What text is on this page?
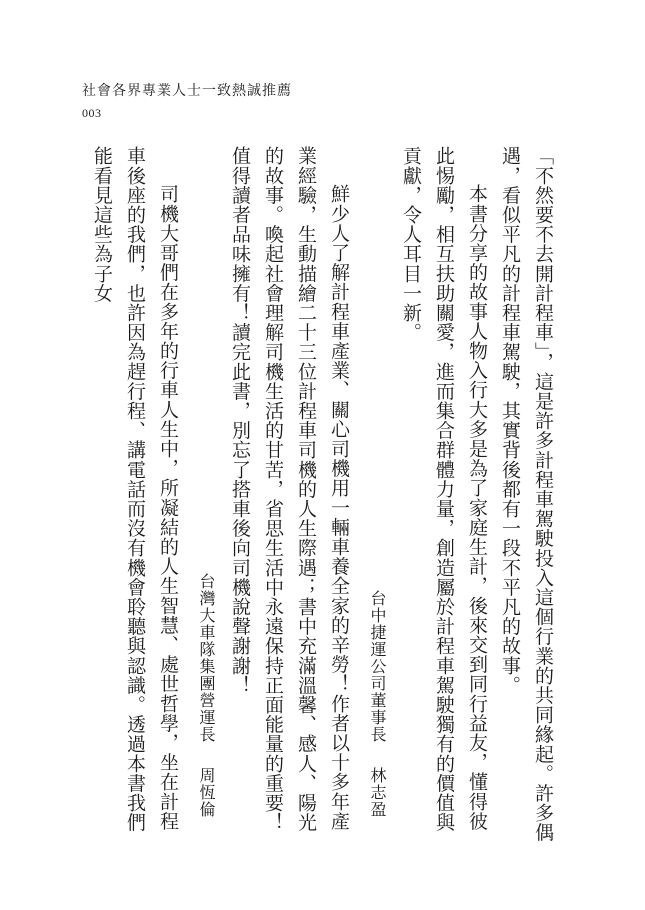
社會各界專業人士一致熱誠推薦
003

「不然要不去開計程車」，這是許多計程車駕駛投入這個行業的共同緣起。許多偶遇，看似平凡的計程車駕駛，其實背後都有一段不平凡的故事。

本書分享的故事人物入行大多是為了家庭生計，後來交到同行益友，懂得彼此惕勵，相互扶助關愛，進而集合群體力量，創造屬於計程車駕駛獨有的價值與貢獻，令人耳目一新。

台中捷運公司董事長林志盈

鮮少人了解計程車產業、關心司機用一輛車養全家的辛勞！作者以十多年產業經驗，生動描繪二十三位計程車司機的人生際遇；書中充滿溫馨、感人、陽光的故事。喚起社會理解司機生活的甘苦，省思生活中永遠保持正面能量的重要！值得讀者品味擁有！讀完此書，別忘了搭車後向司機說聲謝謝！

台灣大車隊集團營運長周恆倫

司機大哥們在多年的行車人生中，所凝結的人生智慧、處世哲學，坐在計程車後座的我們，也許因為趕行程、講電話而沒有機會聆聽與認識。透過本書我們能看見這些為子女
